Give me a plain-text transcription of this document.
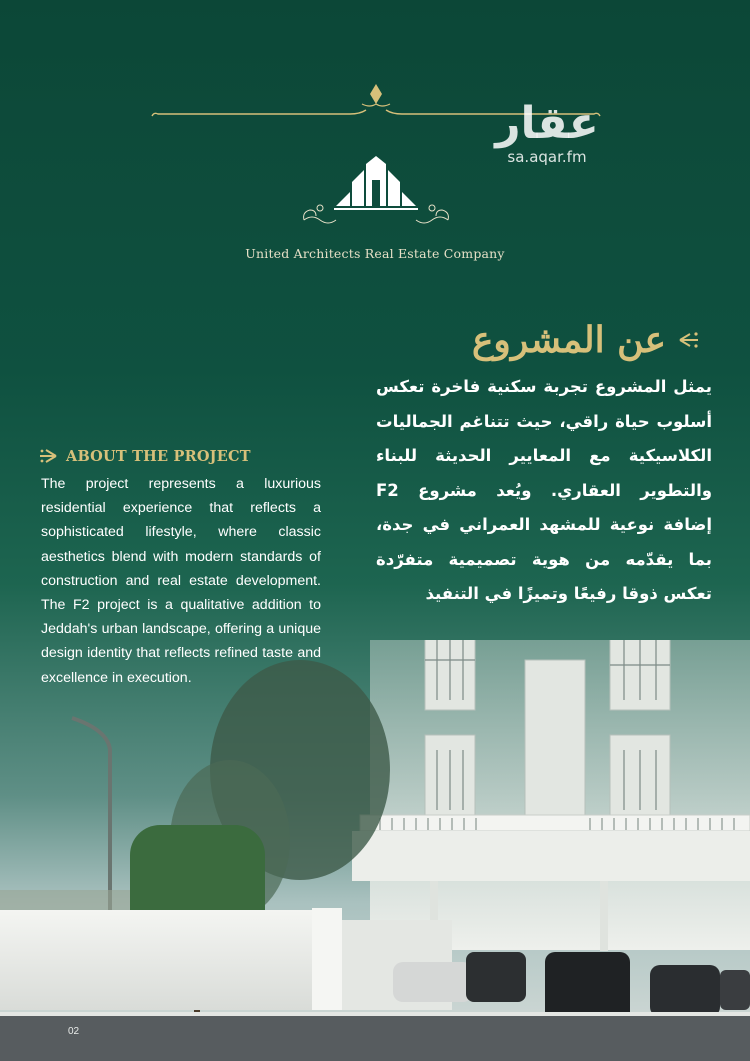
عقار
sa.aqar.fm
United Architects Real Estate Company
عن المشروع
يمثل المشروع تجربة سكنية فاخرة تعكس أسلوب حياة راقي، حيث تتناغم الجماليات الكلاسيكية مع المعايير الحديثة للبناء والتطوير العقاري. ويُعد مشروع F2 إضافة نوعية للمشهد العمراني في جدة، بما يقدّمه من هوية تصميمية متفرّدة تعكس ذوقا رفيعًا وتميزًا في التنفيذ
ABOUT THE PROJECT
The project represents a luxurious residential experience that reflects a sophisticated lifestyle, where classic aesthetics blend with modern standards of construction and real estate development. The F2 project is a qualitative addition to Jeddah's urban landscape, offering a unique design identity that reflects refined taste and excellence in execution.
02
